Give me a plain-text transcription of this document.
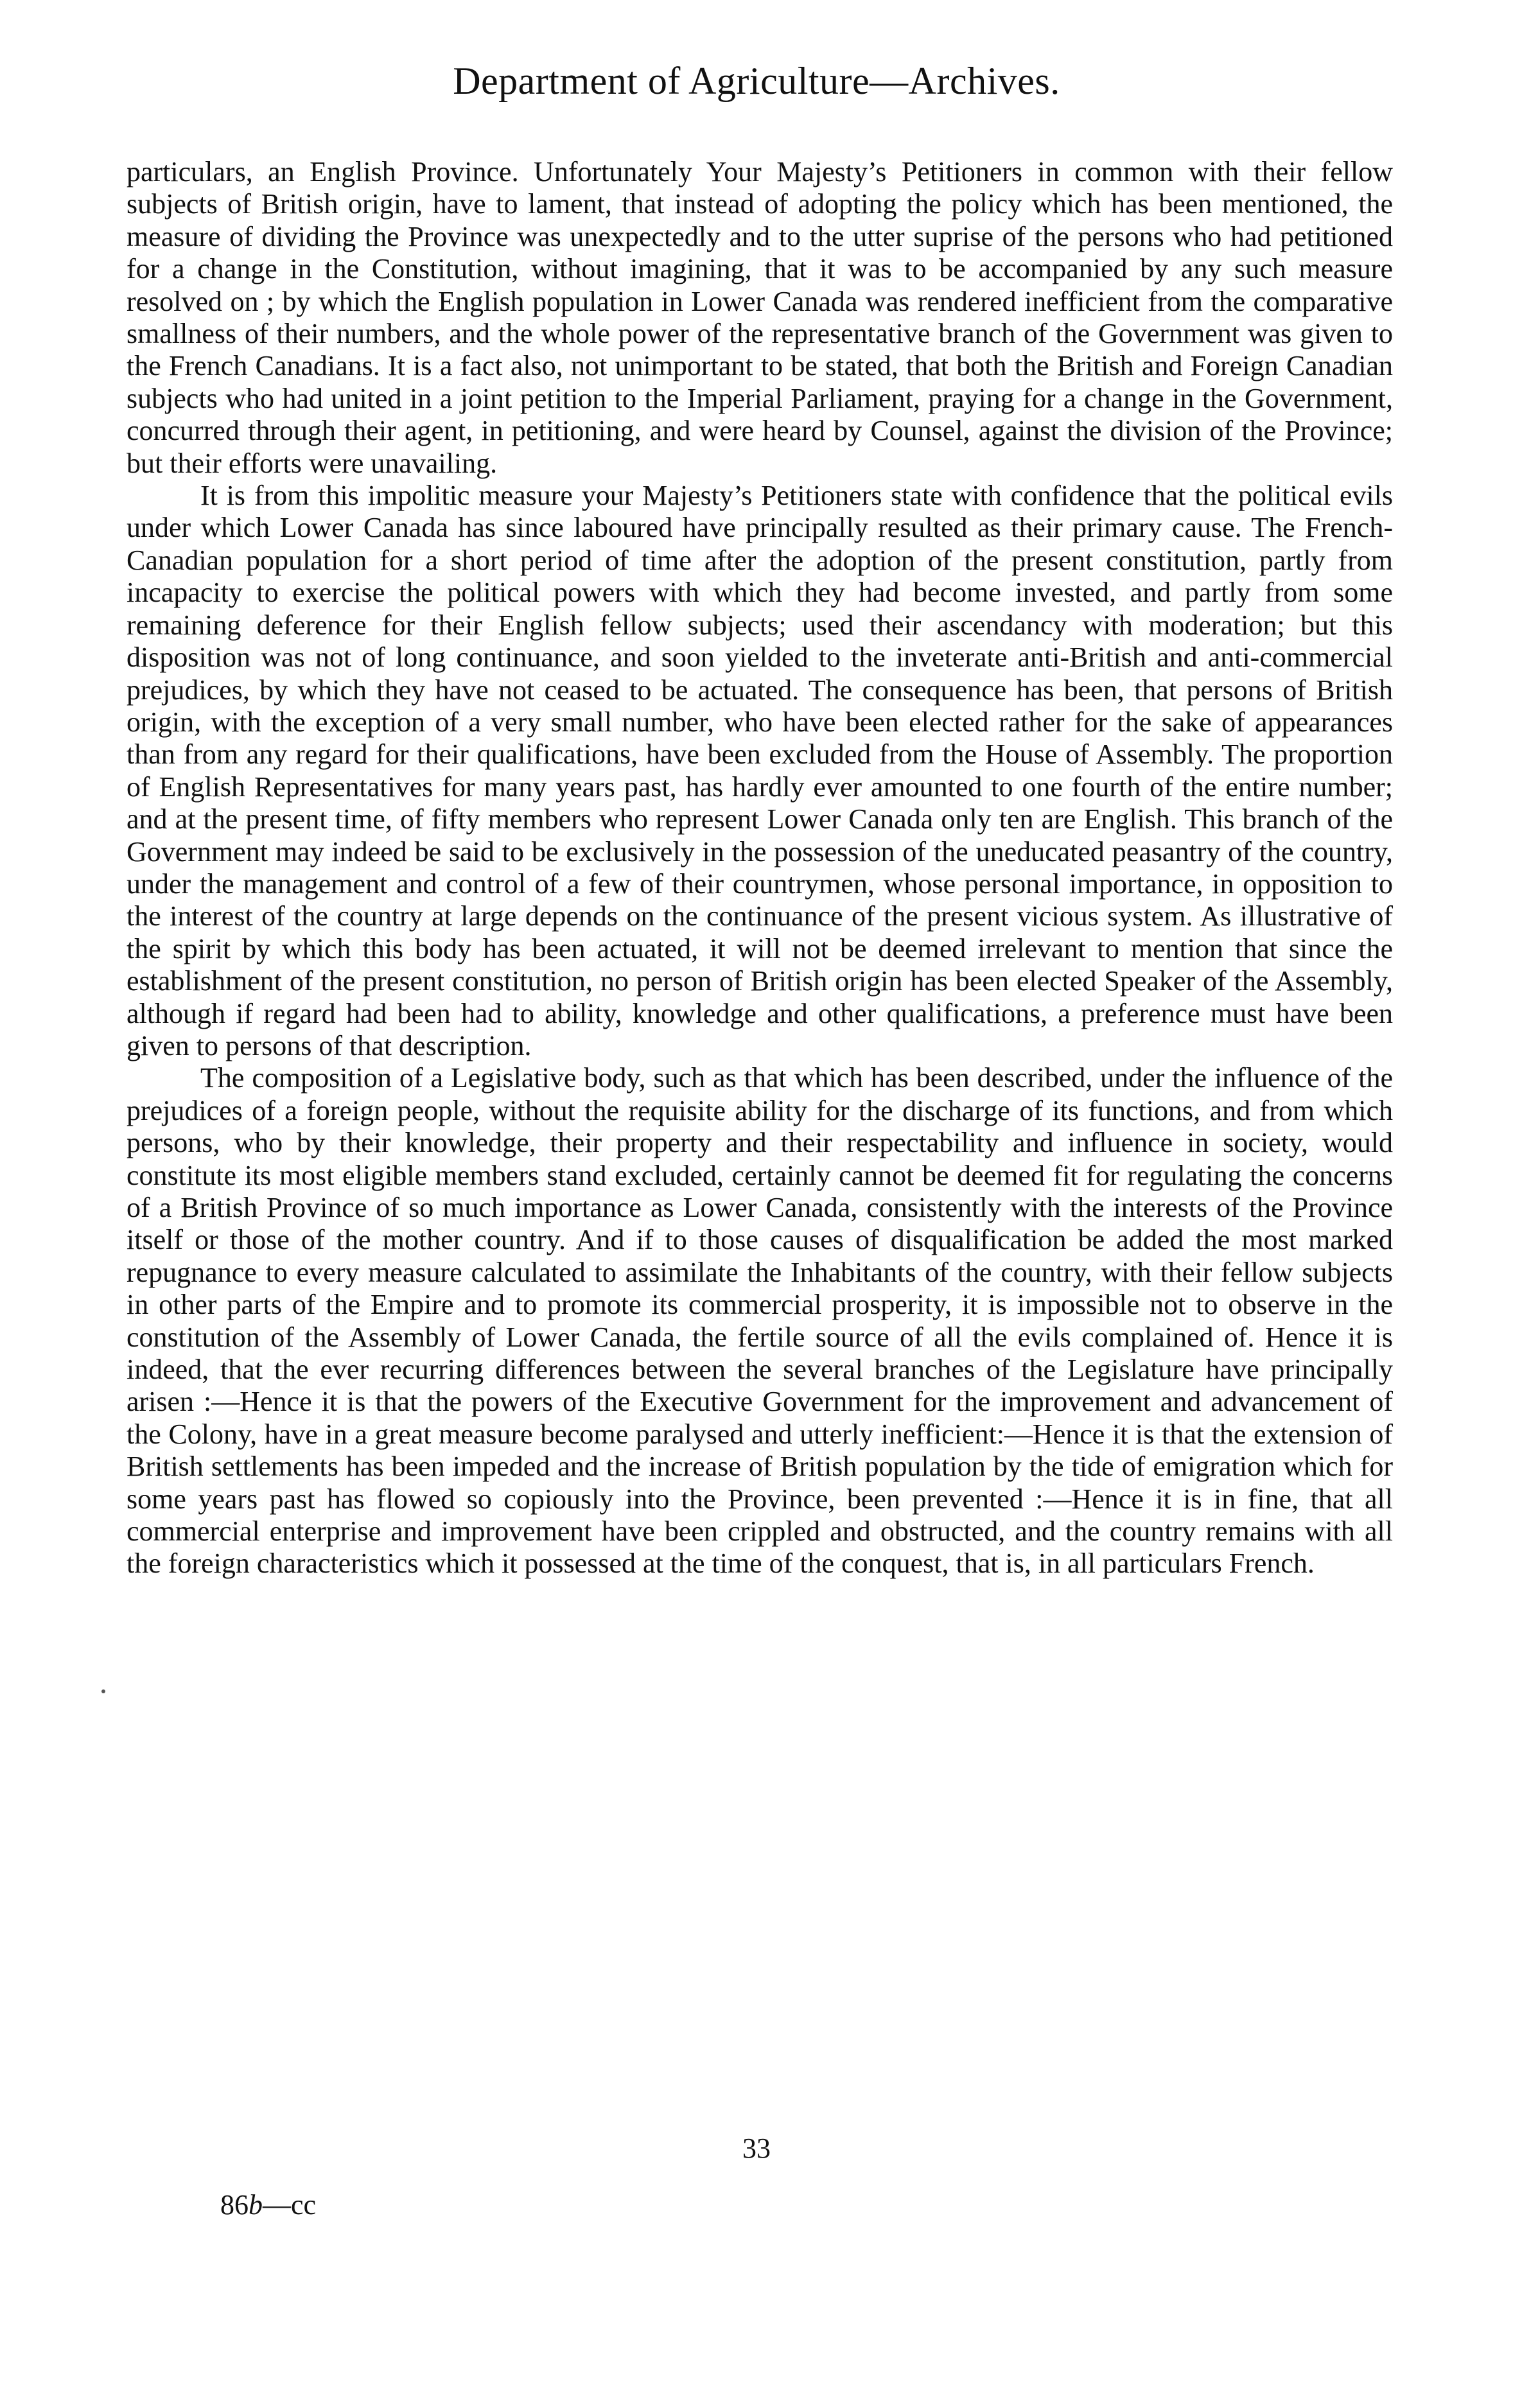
Department of Agriculture—Archives.

particulars, an English Province. Unfortunately Your Majesty’s Petitioners in common with their fellow subjects of British origin, have to lament, that instead of adopting the policy which has been mentioned, the measure of dividing the Province was unexpectedly and to the utter suprise of the persons who had petitioned for a change in the Constitution, without imagining, that it was to be accompanied by any such measure resolved on ; by which the English population in Lower Canada was rendered inefficient from the comparative smallness of their numbers, and the whole power of the representative branch of the Government was given to the French Canadians. It is a fact also, not unimportant to be stated, that both the British and Foreign Canadian subjects who had united in a joint petition to the Imperial Parliament, praying for a change in the Government, concurred through their agent, in petitioning, and were heard by Counsel, against the division of the Province; but their efforts were unavailing.

It is from this impolitic measure your Majesty’s Petitioners state with confidence that the political evils under which Lower Canada has since laboured have principally resulted as their primary cause. The French-Canadian population for a short period of time after the adoption of the present constitution, partly from incapacity to exercise the political powers with which they had become invested, and partly from some remaining deference for their English fellow subjects; used their ascendancy with moderation; but this disposition was not of long continuance, and soon yielded to the inveterate anti-British and anti-commercial prejudices, by which they have not ceased to be actuated. The consequence has been, that persons of British origin, with the exception of a very small number, who have been elected rather for the sake of appearances than from any regard for their qualifications, have been excluded from the House of Assembly. The proportion of English Representatives for many years past, has hardly ever amounted to one fourth of the entire number; and at the present time, of fifty members who represent Lower Canada only ten are English. This branch of the Government may indeed be said to be exclusively in the possession of the uneducated peasantry of the country, under the management and control of a few of their countrymen, whose personal importance, in opposition to the interest of the country at large depends on the continuance of the present vicious system. As illustrative of the spirit by which this body has been actuated, it will not be deemed irrelevant to mention that since the establishment of the present constitution, no person of British origin has been elected Speaker of the Assembly, although if regard had been had to ability, knowledge and other qualifications, a preference must have been given to persons of that description.

The composition of a Legislative body, such as that which has been described, under the influence of the prejudices of a foreign people, without the requisite ability for the discharge of its functions, and from which persons, who by their knowledge, their property and their respectability and influence in society, would constitute its most eligible members stand excluded, certainly cannot be deemed fit for regulating the concerns of a British Province of so much importance as Lower Canada, consistently with the interests of the Province itself or those of the mother country. And if to those causes of disqualification be added the most marked repugnance to every measure calculated to assimilate the Inhabitants of the country, with their fellow subjects in other parts of the Empire and to promote its commercial prosperity, it is impossible not to observe in the constitution of the Assembly of Lower Canada, the fertile source of all the evils complained of. Hence it is indeed, that the ever recurring differences between the several branches of the Legislature have principally arisen :—Hence it is that the powers of the Executive Government for the improvement and advancement of the Colony, have in a great measure become paralysed and utterly inefficient:—Hence it is that the extension of British settlements has been impeded and the increase of British population by the tide of emigration which for some years past has flowed so copiously into the Province, been prevented :—Hence it is in fine, that all commercial enterprise and improvement have been crippled and obstructed, and the country remains with all the foreign characteristics which it possessed at the time of the conquest, that is, in all particulars French.

33
86b—cc
